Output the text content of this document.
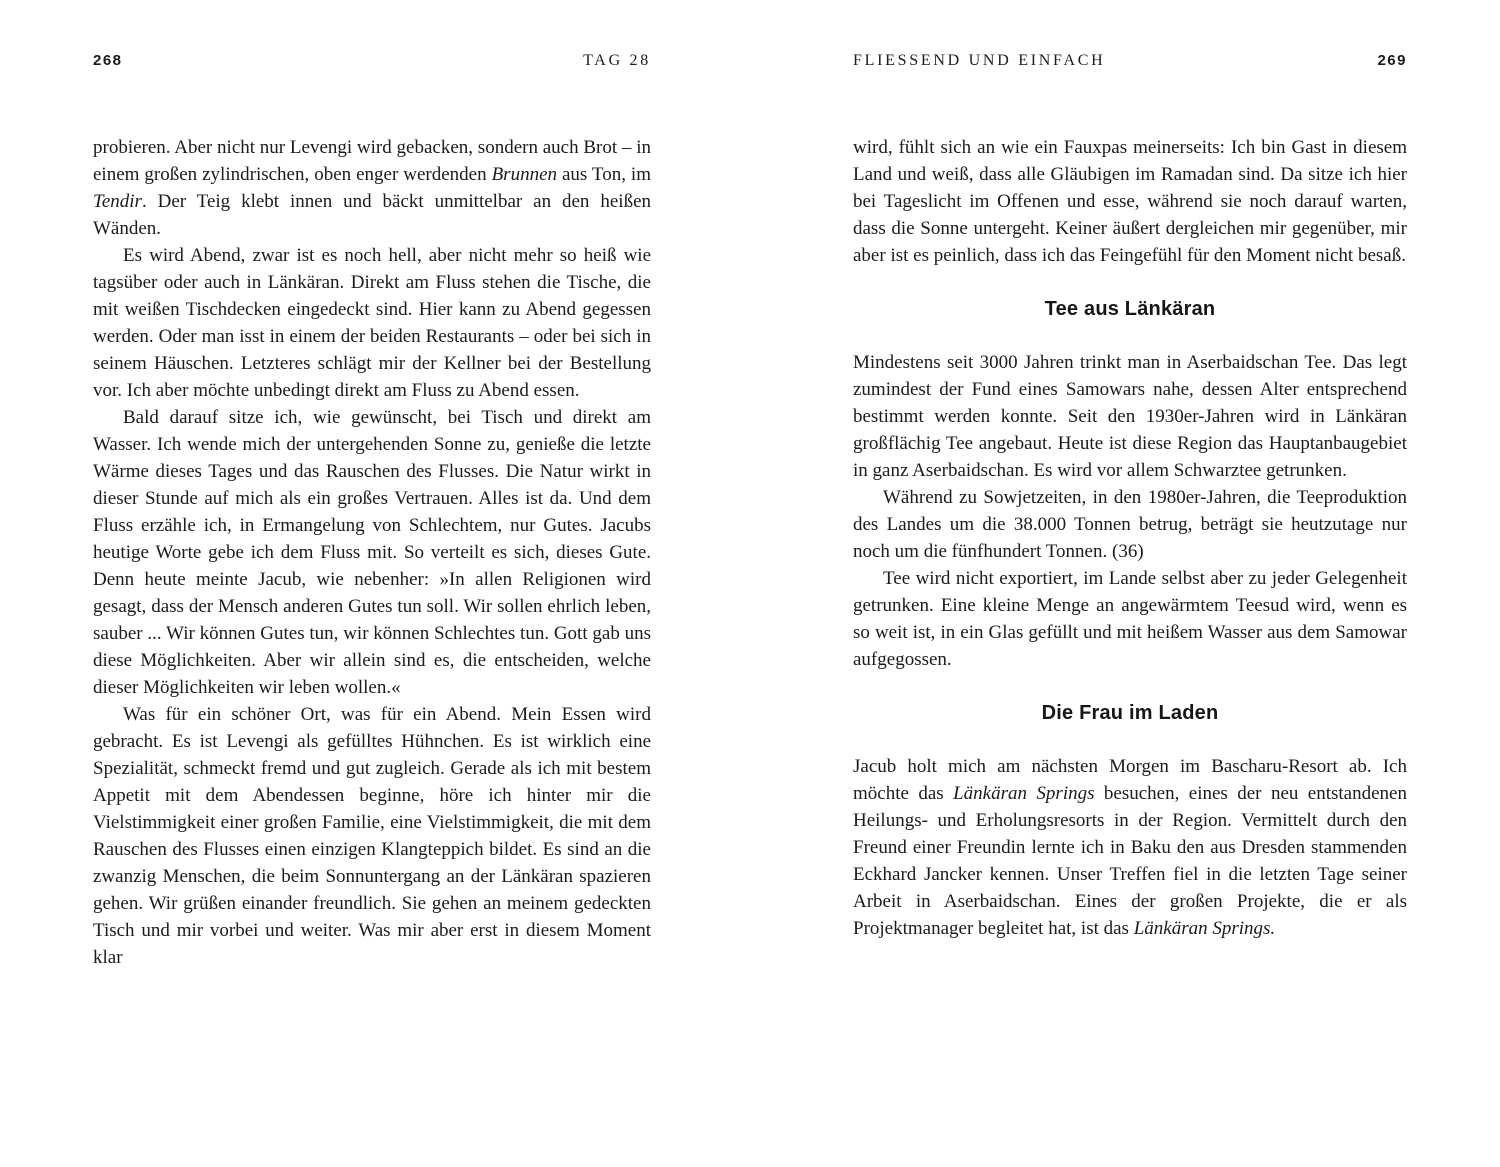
268	TAG 28

probieren. Aber nicht nur Levengi wird gebacken, sondern auch Brot – in einem großen zylindrischen, oben enger werdenden Brunnen aus Ton, im Tendir. Der Teig klebt innen und bäckt unmittelbar an den heißen Wänden.

Es wird Abend, zwar ist es noch hell, aber nicht mehr so heiß wie tagsüber oder auch in Länkäran. Direkt am Fluss stehen die Tische, die mit weißen Tischdecken eingedeckt sind. Hier kann zu Abend gegessen werden. Oder man isst in einem der beiden Restaurants – oder bei sich in seinem Häuschen. Letzteres schlägt mir der Kellner bei der Bestellung vor. Ich aber möchte unbedingt direkt am Fluss zu Abend essen.

Bald darauf sitze ich, wie gewünscht, bei Tisch und direkt am Wasser. Ich wende mich der untergehenden Sonne zu, genieße die letzte Wärme dieses Tages und das Rauschen des Flusses. Die Natur wirkt in dieser Stunde auf mich als ein großes Vertrauen. Alles ist da. Und dem Fluss erzähle ich, in Ermangelung von Schlechtem, nur Gutes. Jacubs heutige Worte gebe ich dem Fluss mit. So verteilt es sich, dieses Gute. Denn heute meinte Jacub, wie nebenher: »In allen Religionen wird gesagt, dass der Mensch anderen Gutes tun soll. Wir sollen ehrlich leben, sauber ... Wir können Gutes tun, wir können Schlechtes tun. Gott gab uns diese Möglichkeiten. Aber wir allein sind es, die entscheiden, welche dieser Möglichkeiten wir leben wollen.«

Was für ein schöner Ort, was für ein Abend. Mein Essen wird gebracht. Es ist Levengi als gefülltes Hühnchen. Es ist wirklich eine Spezialität, schmeckt fremd und gut zugleich. Gerade als ich mit bestem Appetit mit dem Abendessen beginne, höre ich hinter mir die Vielstimmigkeit einer großen Familie, eine Vielstimmigkeit, die mit dem Rauschen des Flusses einen einzigen Klangteppich bildet. Es sind an die zwanzig Menschen, die beim Sonnuntergang an der Länkäran spazieren gehen. Wir grüßen einander freundlich. Sie gehen an meinem gedeckten Tisch und mir vorbei und weiter. Was mir aber erst in diesem Moment klar

FLIESSEND UND EINFACH	269

wird, fühlt sich an wie ein Fauxpas meinerseits: Ich bin Gast in diesem Land und weiß, dass alle Gläubigen im Ramadan sind. Da sitze ich hier bei Tageslicht im Offenen und esse, während sie noch darauf warten, dass die Sonne untergeht. Keiner äußert dergleichen mir gegenüber, mir aber ist es peinlich, dass ich das Feingefühl für den Moment nicht besaß.

Tee aus Länkäran

Mindestens seit 3000 Jahren trinkt man in Aserbaidschan Tee. Das legt zumindest der Fund eines Samowars nahe, dessen Alter entsprechend bestimmt werden konnte. Seit den 1930er-Jahren wird in Länkäran großflächig Tee angebaut. Heute ist diese Region das Hauptanbaugebiet in ganz Aserbaidschan. Es wird vor allem Schwarztee getrunken.

Während zu Sowjetzeiten, in den 1980er-Jahren, die Teeproduktion des Landes um die 38.000 Tonnen betrug, beträgt sie heutzutage nur noch um die fünfhundert Tonnen. (36)

Tee wird nicht exportiert, im Lande selbst aber zu jeder Gelegenheit getrunken. Eine kleine Menge an angewärmtem Teesud wird, wenn es so weit ist, in ein Glas gefüllt und mit heißem Wasser aus dem Samowar aufgegossen.

Die Frau im Laden

Jacub holt mich am nächsten Morgen im Bascharu-Resort ab. Ich möchte das Länkäran Springs besuchen, eines der neu entstandenen Heilungs- und Erholungsresorts in der Region. Vermittelt durch den Freund einer Freundin lernte ich in Baku den aus Dresden stammenden Eckhard Jancker kennen. Unser Treffen fiel in die letzten Tage seiner Arbeit in Aserbaidschan. Eines der großen Projekte, die er als Projektmanager begleitet hat, ist das Länkäran Springs.
